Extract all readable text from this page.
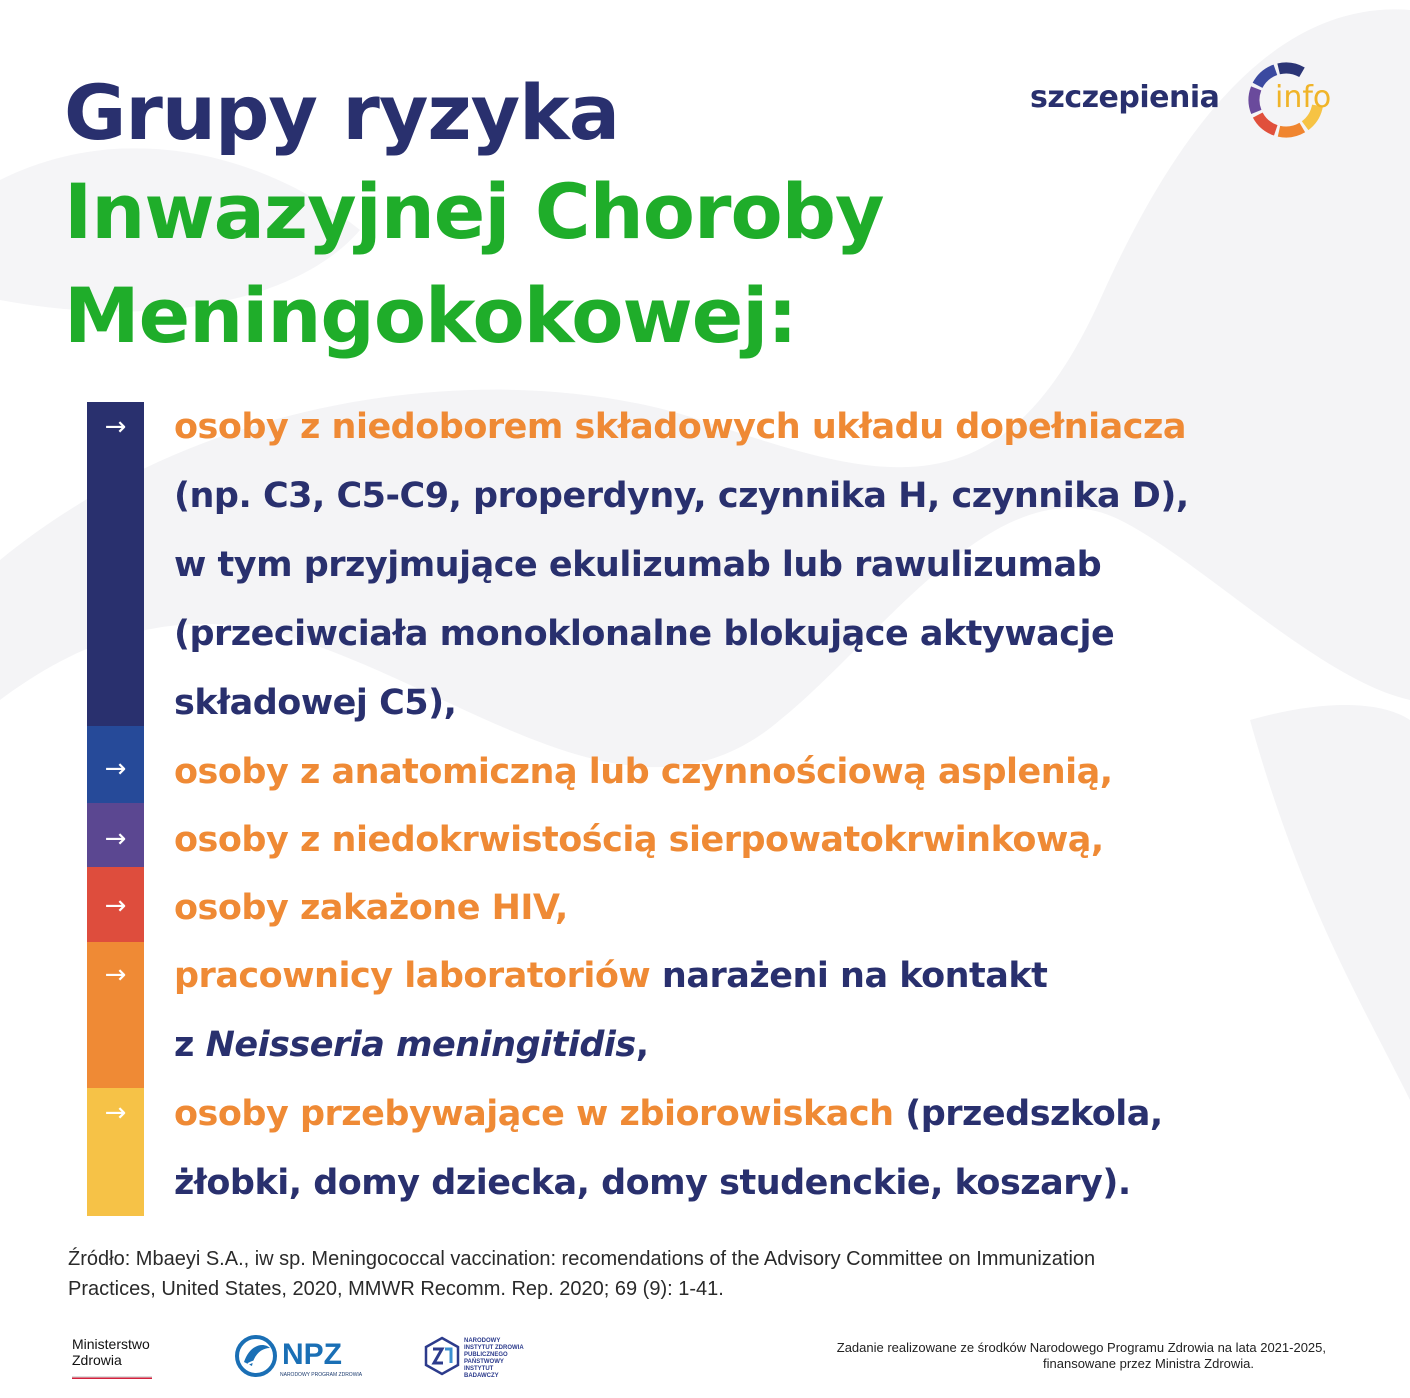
Grupy ryzyka
Inwazyjnej Choroby
Meningokokowej:
szczepienia info
→
→
→
→
→
→
osoby z niedoborem składowych układu dopełniacza
(np. C3, C5-C9, properdyny, czynnika H, czynnika D),
w tym przyjmujące ekulizumab lub rawulizumab
(przeciwciała monoklonalne blokujące aktywacje
składowej C5),
osoby z anatomiczną lub czynnościową asplenią,
osoby z niedokrwistością sierpowatokrwinkową,
osoby zakażone HIV,
pracownicy laboratoriów narażeni na kontakt
z Neisseria meningitidis,
osoby przebywające w zbiorowiskach (przedszkola,
żłobki, domy dziecka, domy studenckie, koszary).
Źródło: Mbaeyi S.A., iw sp. Meningococcal vaccination: recomendations of the Advisory Committee on Immunization
Practices, United States, 2020, MMWR Recomm. Rep. 2020; 69 (9): 1-41.
Ministerstwo
Zdrowia	NPZ
NARODOWY PROGRAM ZDROWIA
NARODOWY INSTYTUT ZDROWIA PUBLICZNEGO PAŃSTWOWY INSTYTUT BADAWCZY
Zadanie realizowane ze środków Narodowego Programu Zdrowia na lata 2021-2025,
finansowane przez Ministra Zdrowia.
